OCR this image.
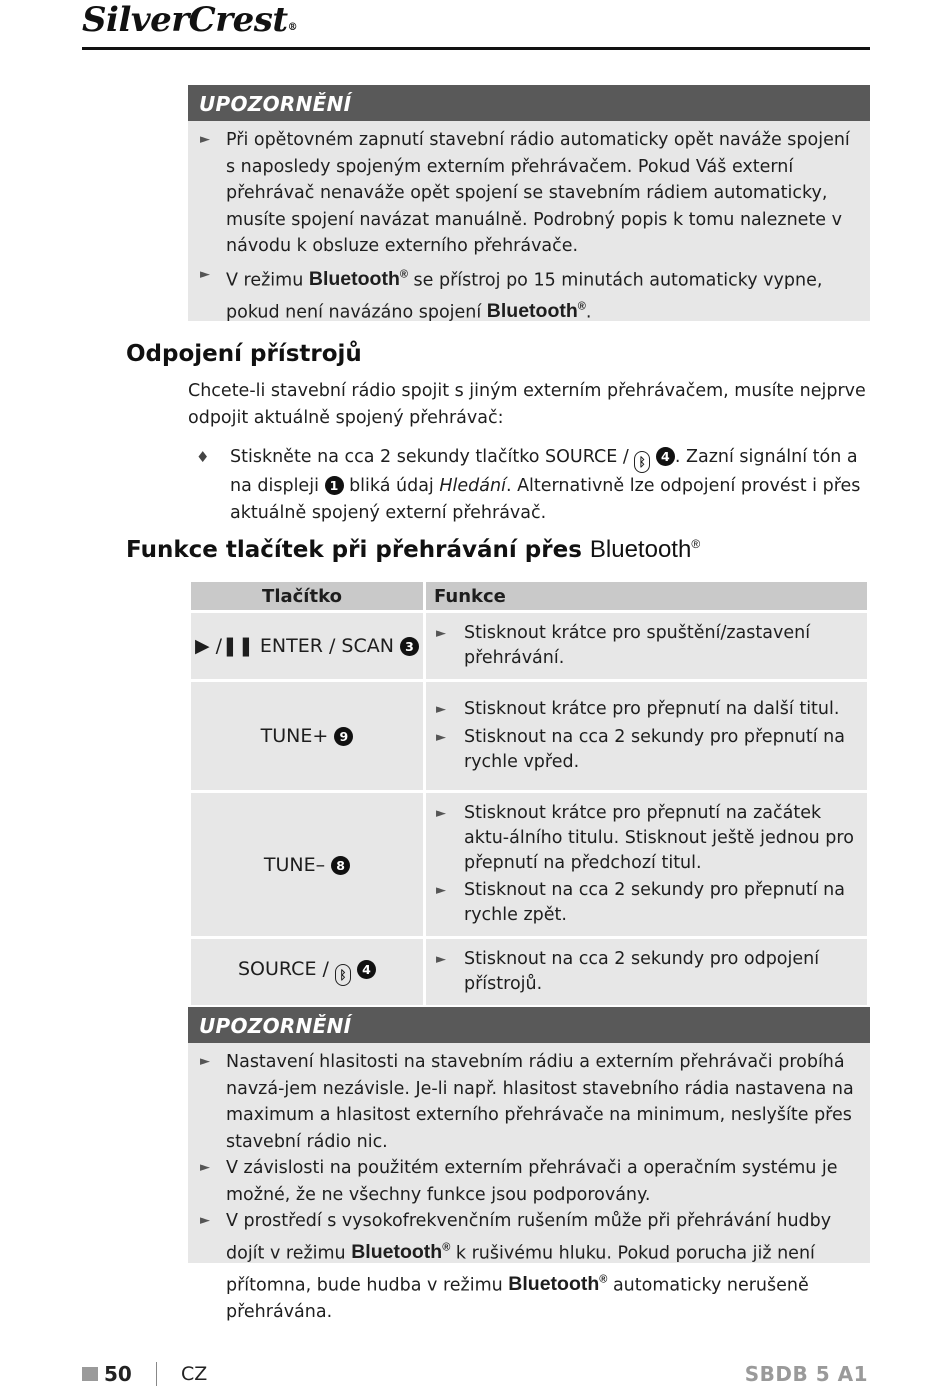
SilverCrest®
UPOZORNĚNÍ
► Při opětovném zapnutí stavební rádio automaticky opět naváže spojení s naposledy spojeným externím přehrávačem. Pokud Váš externí přehrávač nenaváže opět spojení se stavebním rádiem automaticky, musíte spojení navázat manuálně. Podrobný popis k tomu naleznete v návodu k obsluze externího přehrávače.
► V režimu Bluetooth® se přístroj po 15 minutách automaticky vypne, pokud není navázáno spojení Bluetooth®.
Odpojení přístrojů
Chcete-li stavební rádio spojit s jiným externím přehrávačem, musíte nejprve odpojit aktuálně spojený přehrávač:
♦ Stiskněte na cca 2 sekundy tlačítko SOURCE / ᛒ 4 . Zazní signální tón a na displeji 1 bliká údaj Hledání. Alternativně lze odpojení provést i přes aktuálně spojený externí přehrávač.
Funkce tlačítek při přehrávání přes Bluetooth®
Tlačítko	Funkce
▶ /❚❚ ENTER / SCAN 3	► Stisknout krátce pro spuštění/zastavení přehrávání.

TUNE+ 9	► Stisknout krátce pro přepnutí na další titul.
► Stisknout na cca 2 sekundy pro přepnutí na rychle vpřed.

TUNE– 8	► Stisknout krátce pro přepnutí na začátek aktu-álního titulu. Stisknout ještě jednou pro přepnutí na předchozí titul.
► Stisknout na cca 2 sekundy pro přepnutí na rychle zpět.

SOURCE / ᛒ 4	► Stisknout na cca 2 sekundy pro odpojení přístrojů.
UPOZORNĚNÍ
► Nastavení hlasitosti na stavebním rádiu a externím přehrávači probíhá navzá-jem nezávisle. Je-li např. hlasitost stavebního rádia nastavena na maximum a hlasitost externího přehrávače na minimum, neslyšíte přes stavební rádio nic.
► V závislosti na použitém externím přehrávači a operačním systému je možné, že ne všechny funkce jsou podporovány.
► V prostředí s vysokofrekvenčním rušením může při přehrávání hudby dojít v režimu Bluetooth® k rušivému hluku. Pokud porucha již není přítomna, bude hudba v režimu Bluetooth® automaticky nerušeně přehrávána.
50	CZ	SBDB 5 A1
